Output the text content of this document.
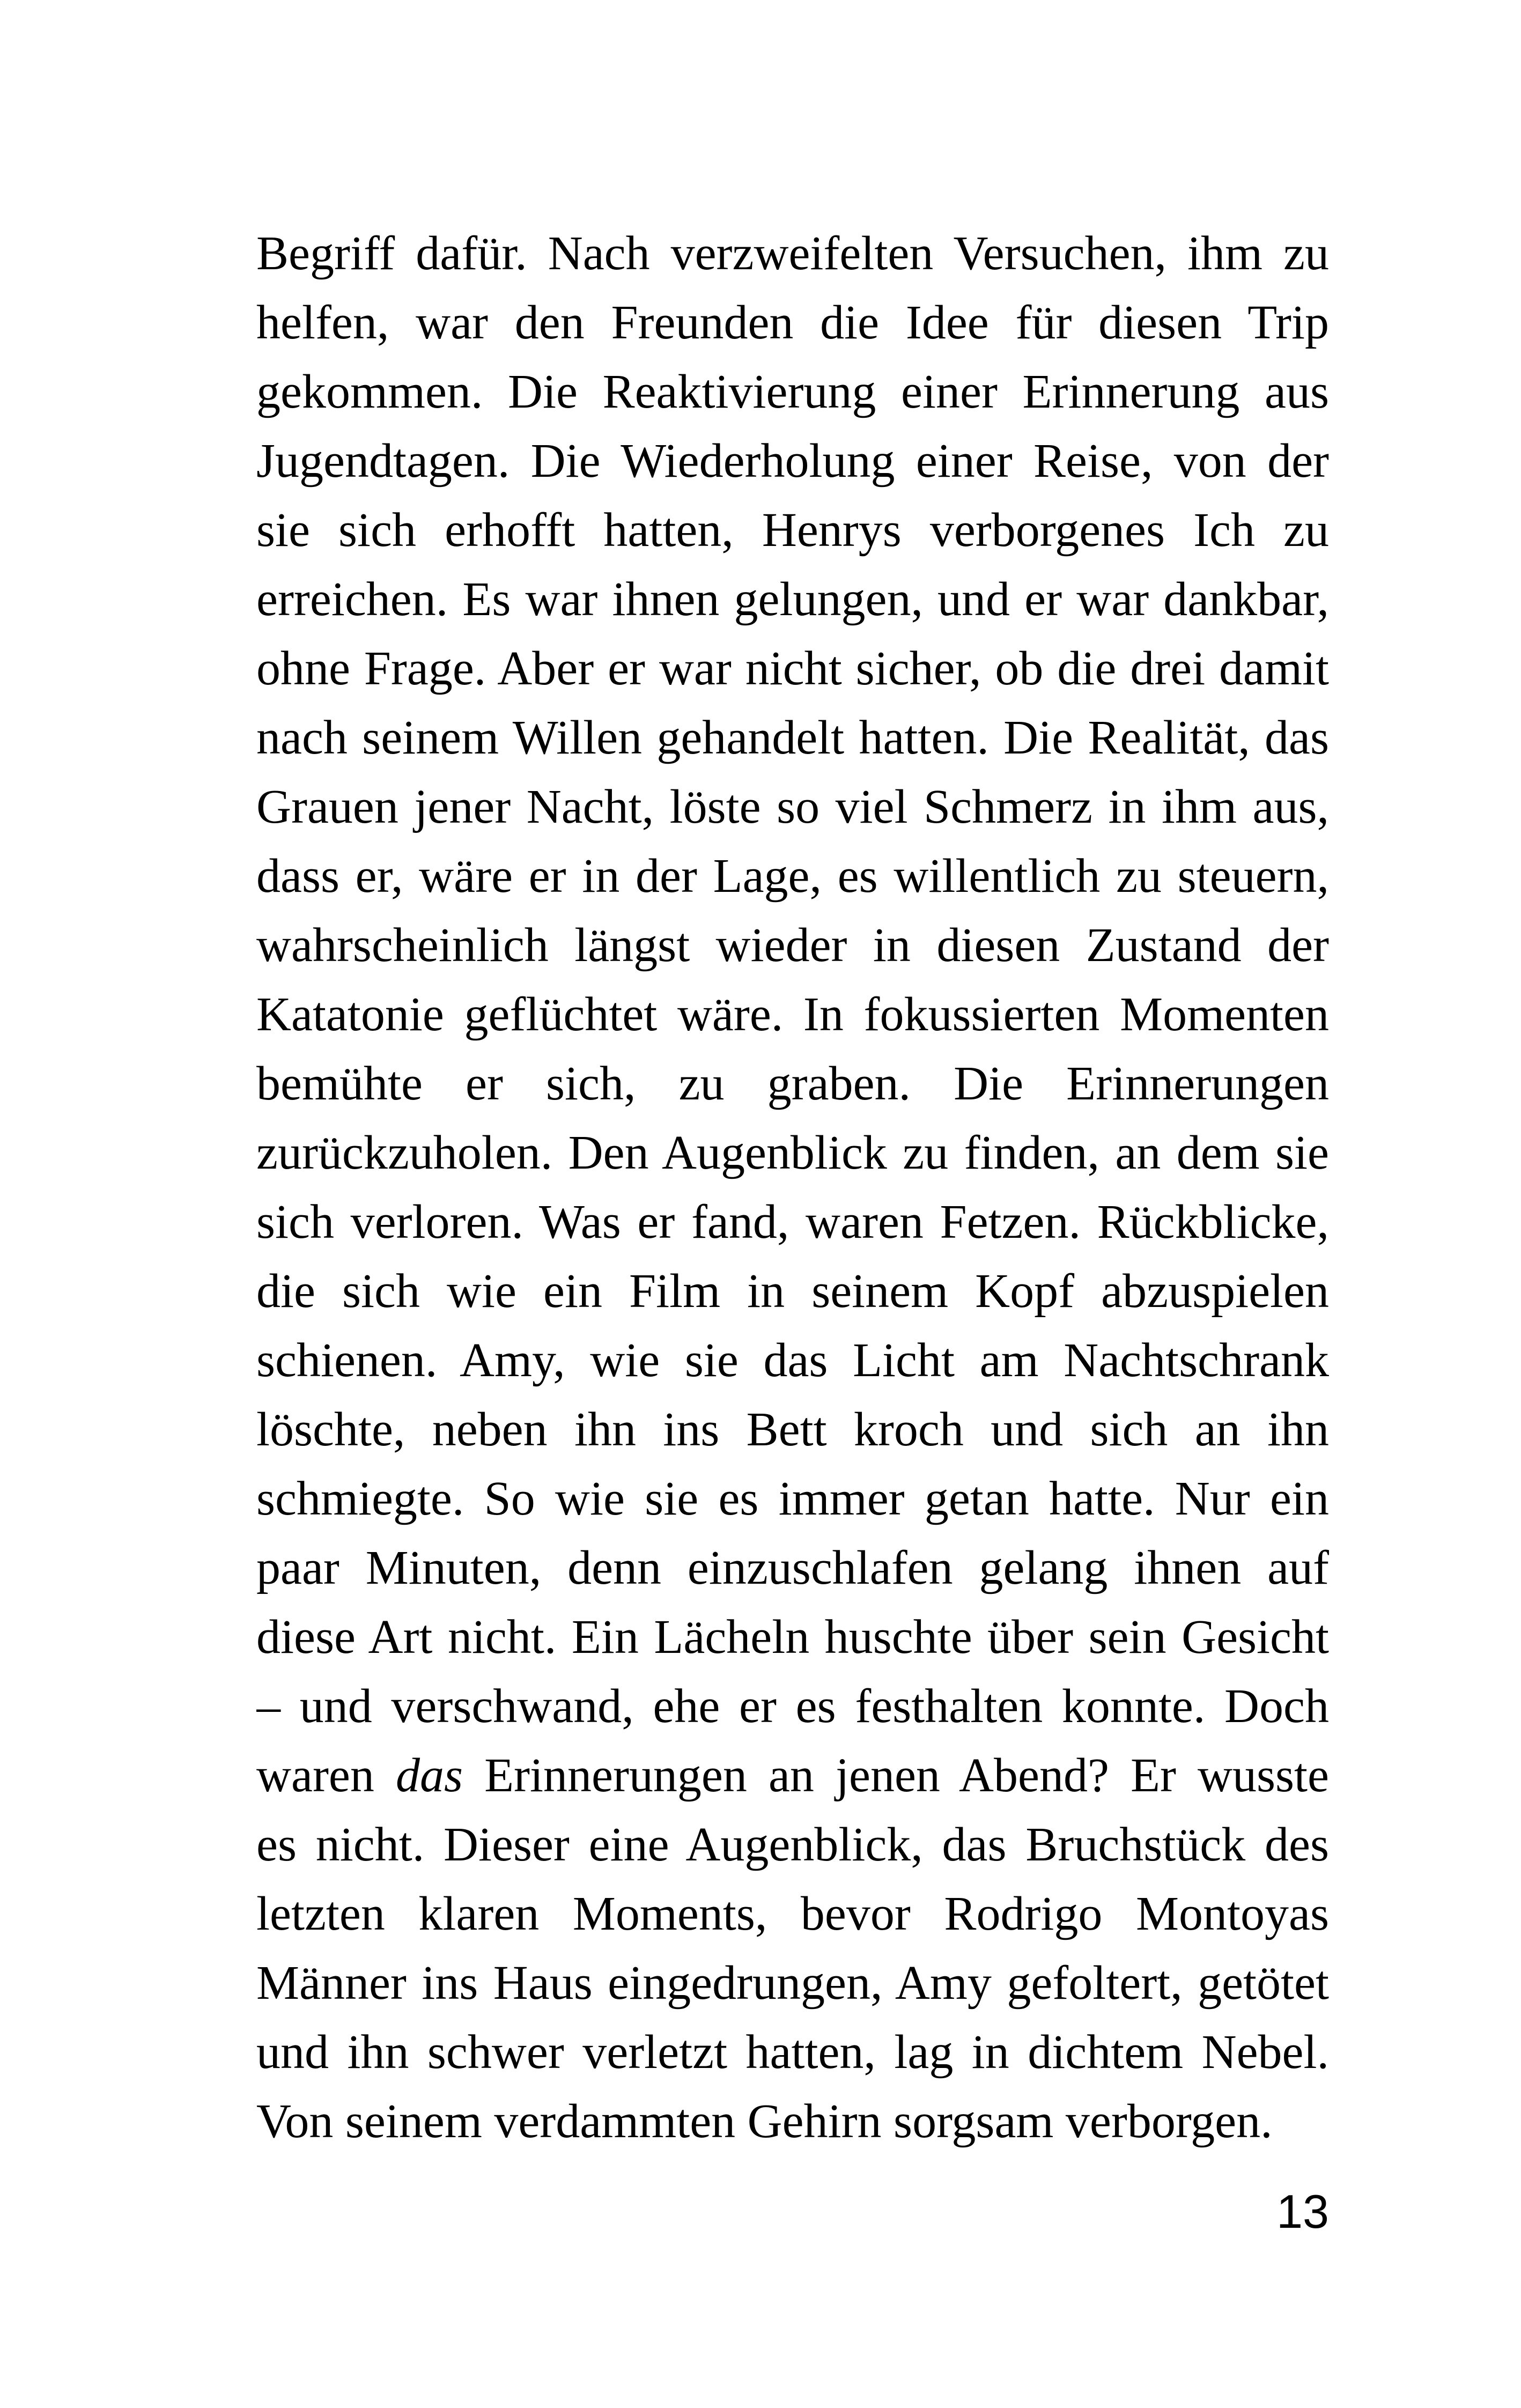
Begriff dafür. Nach verzweifelten Versuchen, ihm zu
helfen, war den Freunden die Idee für diesen Trip
gekommen. Die Reaktivierung einer Erinnerung aus
Jugendtagen. Die Wiederholung einer Reise, von der
sie sich erhofft hatten, Henrys verborgenes Ich zu
erreichen. Es war ihnen gelungen, und er war dankbar,
ohne Frage. Aber er war nicht sicher, ob die drei damit
nach seinem Willen gehandelt hatten. Die Realität, das
Grauen jener Nacht, löste so viel Schmerz in ihm aus,
dass er, wäre er in der Lage, es willentlich zu steuern,
wahrscheinlich längst wieder in diesen Zustand der
Katatonie geflüchtet wäre. In fokussierten Momenten
bemühte er sich, zu graben. Die Erinnerungen
zurückzuholen. Den Augenblick zu finden, an dem sie
sich verloren. Was er fand, waren Fetzen. Rückblicke,
die sich wie ein Film in seinem Kopf abzuspielen
schienen. Amy, wie sie das Licht am Nachtschrank
löschte, neben ihn ins Bett kroch und sich an ihn
schmiegte. So wie sie es immer getan hatte. Nur ein
paar Minuten, denn einzuschlafen gelang ihnen auf
diese Art nicht. Ein Lächeln huschte über sein Gesicht
– und verschwand, ehe er es festhalten konnte. Doch
waren das Erinnerungen an jenen Abend? Er wusste
es nicht. Dieser eine Augenblick, das Bruchstück des
letzten klaren Moments, bevor Rodrigo Montoyas
Männer ins Haus eingedrungen, Amy gefoltert, getötet
und ihn schwer verletzt hatten, lag in dichtem Nebel.
Von seinem verdammten Gehirn sorgsam verborgen.
13
